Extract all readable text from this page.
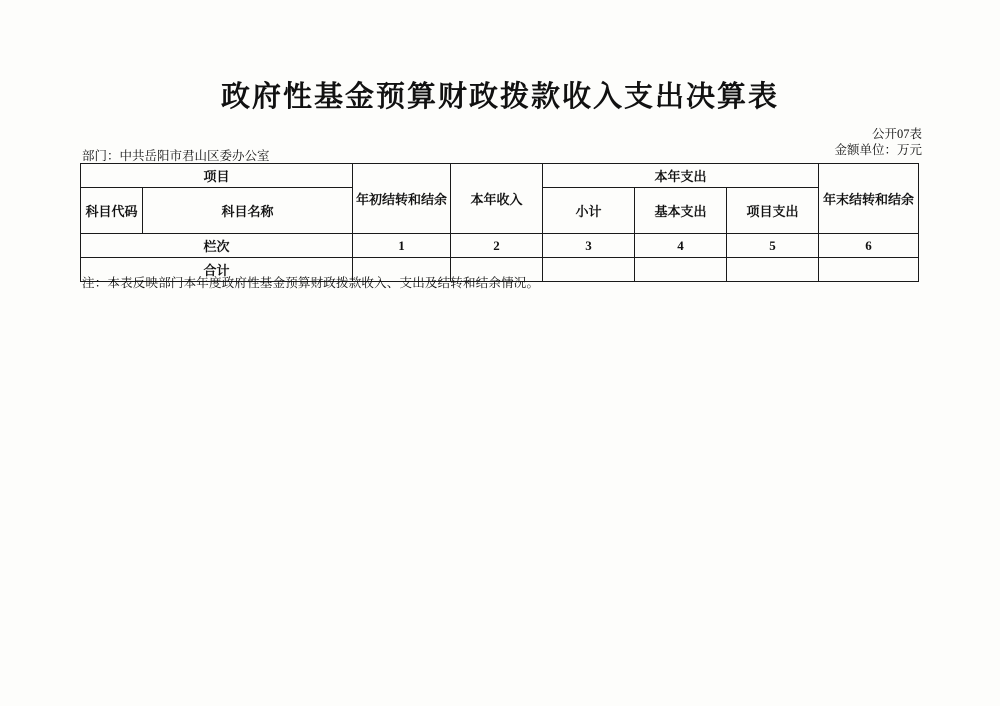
政府性基金预算财政拨款收入支出决算表
公开07表
金额单位：万元
部门：中共岳阳市君山区委办公室
项目		年初结转和结余	本年收入	本年支出			年末结转和结余
科目代码	科目名称			小计	基本支出	项目支出	
栏次		1	2	3	4	5	6
合计							
注：本表反映部门本年度政府性基金预算财政拨款收入、支出及结转和结余情况。
